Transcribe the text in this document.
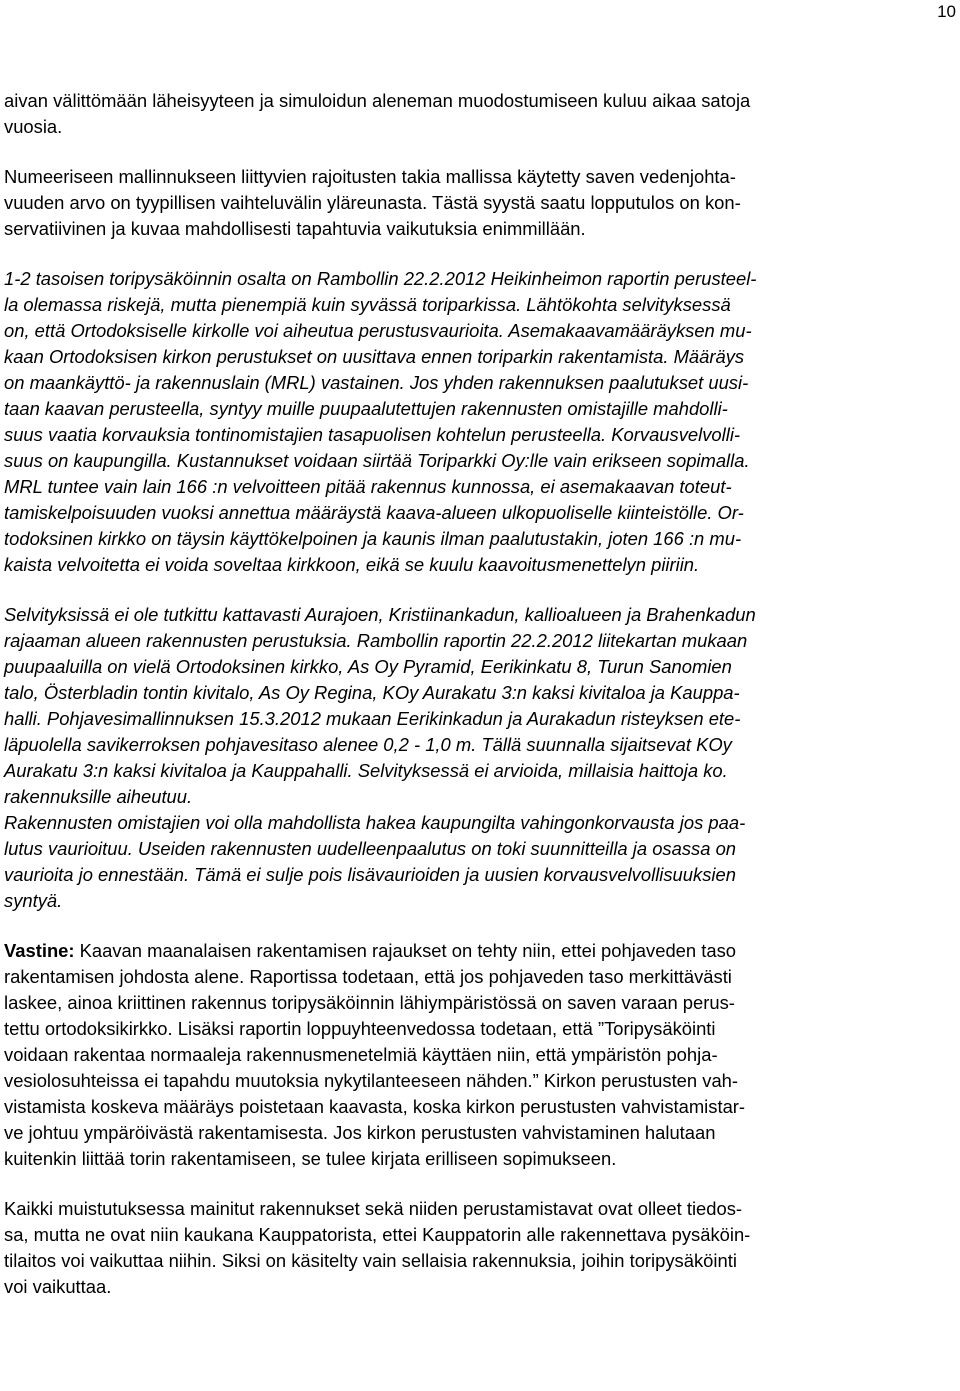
10
aivan välittömään läheisyyteen ja simuloidun aleneman muodostumiseen kuluu aikaa satoja
vuosia.
Numeeriseen mallinnukseen liittyvien rajoitusten takia mallissa käytetty saven vedenjohta-
vuuden arvo on tyypillisen vaihteluvälin yläreunasta. Tästä syystä saatu lopputulos on kon-
servatiivinen ja kuvaa mahdollisesti tapahtuvia vaikutuksia enimmillään.
1-2 tasoisen toripysäköinnin osalta on Rambollin 22.2.2012 Heikinheimon raportin perusteel-
la olemassa riskejä, mutta pienempiä kuin syvässä toriparkissa. Lähtökohta selvityksessä
on, että Ortodoksiselle kirkolle voi aiheutua perustusvaurioita. Asemakaavamääräyksen mu-
kaan Ortodoksisen kirkon perustukset on uusittava ennen toriparkin rakentamista. Määräys
on maankäyttö- ja rakennuslain (MRL) vastainen. Jos yhden rakennuksen paalutukset uusi-
taan kaavan perusteella, syntyy muille puupaalutettujen rakennusten omistajille mahdolli-
suus vaatia korvauksia tontinomistajien tasapuolisen kohtelun perusteella. Korvausvelvolli-
suus on kaupungilla. Kustannukset voidaan siirtää Toriparkki Oy:lle vain erikseen sopimalla.
MRL tuntee vain lain 166 :n velvoitteen pitää rakennus kunnossa, ei asemakaavan toteut-
tamiskelpoisuuden vuoksi annettua määräystä kaava-alueen ulkopuoliselle kiinteistölle. Or-
todoksinen kirkko on täysin käyttökelpoinen ja kaunis ilman paalutustakin, joten 166 :n mu-
kaista velvoitetta ei voida soveltaa kirkkoon, eikä se kuulu kaavoitusmenettelyn piiriin.
Selvityksissä ei ole tutkittu kattavasti Aurajoen, Kristiinankadun, kallioalueen ja Brahenkadun
rajaaman alueen rakennusten perustuksia. Rambollin raportin 22.2.2012 liitekartan mukaan
puupaaluilla on vielä Ortodoksinen kirkko, As Oy Pyramid, Eerikinkatu 8, Turun Sanomien
talo, Österbladin tontin kivitalo, As Oy Regina, KOy Aurakatu 3:n kaksi kivitaloa ja Kauppa-
halli. Pohjavesimallinnuksen 15.3.2012 mukaan Eerikinkadun ja Aurakadun risteyksen ete-
läpuolella savikerroksen pohjavesitaso alenee 0,2 - 1,0 m. Tällä suunnalla sijaitsevat KOy
Aurakatu 3:n kaksi kivitaloa ja Kauppahalli. Selvityksessä ei arvioida, millaisia haittoja ko.
rakennuksille aiheutuu.
Rakennusten omistajien voi olla mahdollista hakea kaupungilta vahingonkorvausta jos paa-
lutus vaurioituu. Useiden rakennusten uudelleenpaalutus on toki suunnitteilla ja osassa on
vaurioita jo ennestään. Tämä ei sulje pois lisävaurioiden ja uusien korvausvelvollisuuksien
syntyä.
Vastine: Kaavan maanalaisen rakentamisen rajaukset on tehty niin, ettei pohjaveden taso
rakentamisen johdosta alene. Raportissa todetaan, että jos pohjaveden taso merkittävästi
laskee, ainoa kriittinen rakennus toripysäköinnin lähiympäristössä on saven varaan perus-
tettu ortodoksikirkko. Lisäksi raportin loppuyhteenvedossa todetaan, että ”Toripysäköinti
voidaan rakentaa normaaleja rakennusmenetelmiä käyttäen niin, että ympäristön pohja-
vesiolosuhteissa ei tapahdu muutoksia nykytilanteeseen nähden.” Kirkon perustusten vah-
vistamista koskeva määräys poistetaan kaavasta, koska kirkon perustusten vahvistamistar-
ve johtuu ympäröivästä rakentamisesta. Jos kirkon perustusten vahvistaminen halutaan
kuitenkin liittää torin rakentamiseen, se tulee kirjata erilliseen sopimukseen.
Kaikki muistutuksessa mainitut rakennukset sekä niiden perustamistavat ovat olleet tiedos-
sa, mutta ne ovat niin kaukana Kauppatorista, ettei Kauppatorin alle rakennettava pysäköin-
tilaitos voi vaikuttaa niihin. Siksi on käsitelty vain sellaisia rakennuksia, joihin toripysäköinti
voi vaikuttaa.
